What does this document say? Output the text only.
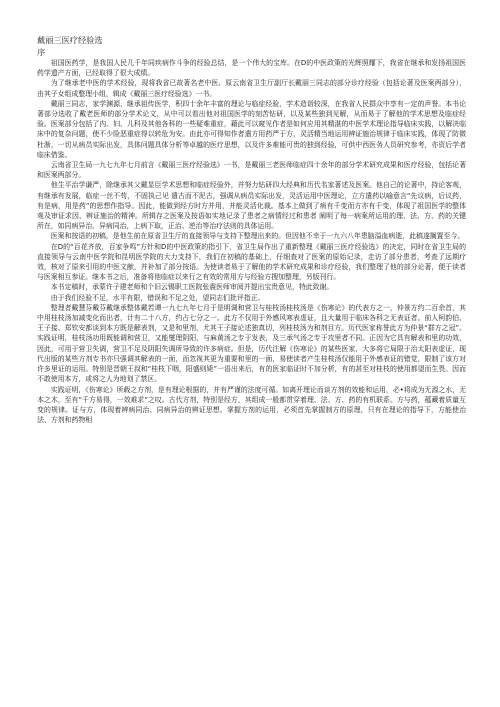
戴丽三医疗经验选

序

祖国医药学，是我国人民几千年同疾病作斗争的经验总结，是一个伟大的宝库。在D的中医政策的光辉照耀下，我省在继承和发扬祖国医药学遗产方面，已经取得了很大成绩。

为了继承老中医的学术经验，现将我省已故著名老中医、原云南省卫生厅副厅长戴丽三同志的部分诊疗经验（包括论著及医案两部分），由其子女组成整理小组，辑成《戴丽三医疗经验选》一书。

戴丽三同志，家学渊源，继承祖传医学，积四十余年丰富的理论与临症经验，学术造诣较深，在我省人民群众中享有一定的声誉。本书论著部分选收了戴老医师的部分学术论文，从中可以看出他对祖国医学的刻苦钻研，以及某些独到见解，从而易于了解他的学术思想及临症经验。医案部分包括了内、妇、儿科及其他各科的一些疑难重症，藉此可以窥见作者是如何应用其精湛的中医学术理论指导临床实践，以解决临床中的复杂问题，使不少险恶重症得以转危为安。由此亦可得知作者遣方用药严于方，灵活精当地运用辨证施治规律于临床实践，体现了防微杜渐，一切从病员实际出发，具体问题具体分析等卓越的医疗思想，以及许多难能可贵的独到经验，可供中西医务人员研究参考，亦资后学者临床借鉴。

云南省卫生局一九七九年七月前言《戴丽三医疗经验选》一书，是戴丽三老医师临症四十余年的部分学术研究成果和医疗经验，包括论著和医案两部分。

他生平治学谦严，除继承其父戴显臣学术思想和临症经验外，并努力钻研四大经典和历代名家著述及医案。他自己的论著中，持论客观，有继承有发展，临症一丝不苟，不固执己见 遣古而不泥古，强调从病员实际出发，灵活运用中医理论，立方遣药以喻意言“先议病，后议药，有是病，用是药”的思想作指导。因此，能做到经方时方并用，并能灵活化裁。基本上做到了病有千变而方亦有千变，体现了祖国医学的整体观及审证求因、辨证施治的精神。所辑存之医案及按语如实地记录了患者之病情经过和患者 阐明了每一病案所运用的理、法、方、药的关键所在，如同病异治，异病同治，上病下取，正治、逆治等治疗法则的具体运用。

医案和按语的初稿，是他生前在原省卫生厅的直接领导与支持下整理出来的。但因他不幸于一九六八年患脑溢血病逝，此稿遂搁置至今。

在D的“百花齐放，百家争鸣”方针和D的中医政策的指引下，省卫生局作出了重新整理《戴丽三医疗经验选》的决定，同时在省卫生局的直接领导与云南中医学院和昆明医学院的大力支持下，我们在初稿的基础上，仔细查对了医案的原始记录，走访了部分患者，考查了远期疗效，核对了原来引用的中医文献，并补加了部分按语。为使读者易于了解他的学术研究成果和诊疗经验，我们整理了他的部分论著，便于读者与医案相互参证。继本书之后，准备将他临症以来行之有效的常用方与经验方搜加整理，另版刊行。

本书定稿时，承蒙许子建老师和个旧云锡职工医院张震医师审阅并提出宝贵意见，特此致谢。

由于我们经验不足，水平有限，错误和不足之处，望同志们批评指正。

整理者戴慧芬戴芬戴继承整体戴若谭一九七九年七月于是明调和营卫与桂枝汤桂枝汤是《伤寒论》的代表方之一，仲景方约二百余首，其中用桂枝汤加减变化而出者，计有二十八方，约占七分之一。此方不仅用于外感风寒表虚证，且大量用于临床各科之无表证者。前人柯韵伯、王子接、郑钦安都谈到本方既是解表剂，又是和里剂，尤其王子接论述独真切，列桂枝汤为和剂目方。历代医家称誉此方为仲景“群方之冠”。实践证明，桂枝汤功用既能调和营卫，又能燮理阴阳，与麻黄汤之专于发表，及三承气汤之专于攻里者不同。正因为它具有解表和里的功效，因此，可用于营卫失调，营卫不足及阴阳失调所导致的许多病症。但是，历代注解《伤寒论》的某些医家，大多将它局限于治太阳表虚证，现代出版的某些方剂专书亦只强调其解表的一面，而忽视其更为重要和里的一面，易使读者产生桂枝汤仅能用于外感表证的错觉，限制了该方对许多里证的运用。特别是晋朝王叔和“桂枝下咽，阳盛则毙”一语出来后，有的医家临证时不加分析，有的甚至对桂枝的使用都望而生畏。因而不敢使用本方，或将之人为地划了禁区。

实践证明，《伤寒论》所载之方剂，是有理论根据的，并有严谨的法度可循。如离开理论而谈方剂的效能和运用，必•将成为无源之水，无本之木，至有“千方易得，一效难求”之叹。古代方剂，特别是经方，其组成一般都贯穿着理、法、方、药的有机联系。方与药，蕴藏着质量互变的规律。证与方，体现着辨病同治、同病异治的辨证思想。掌握方剂的运用，必须首先掌握制方的原理，只有在理论的指导下，方能使治法、方剂和药物相
